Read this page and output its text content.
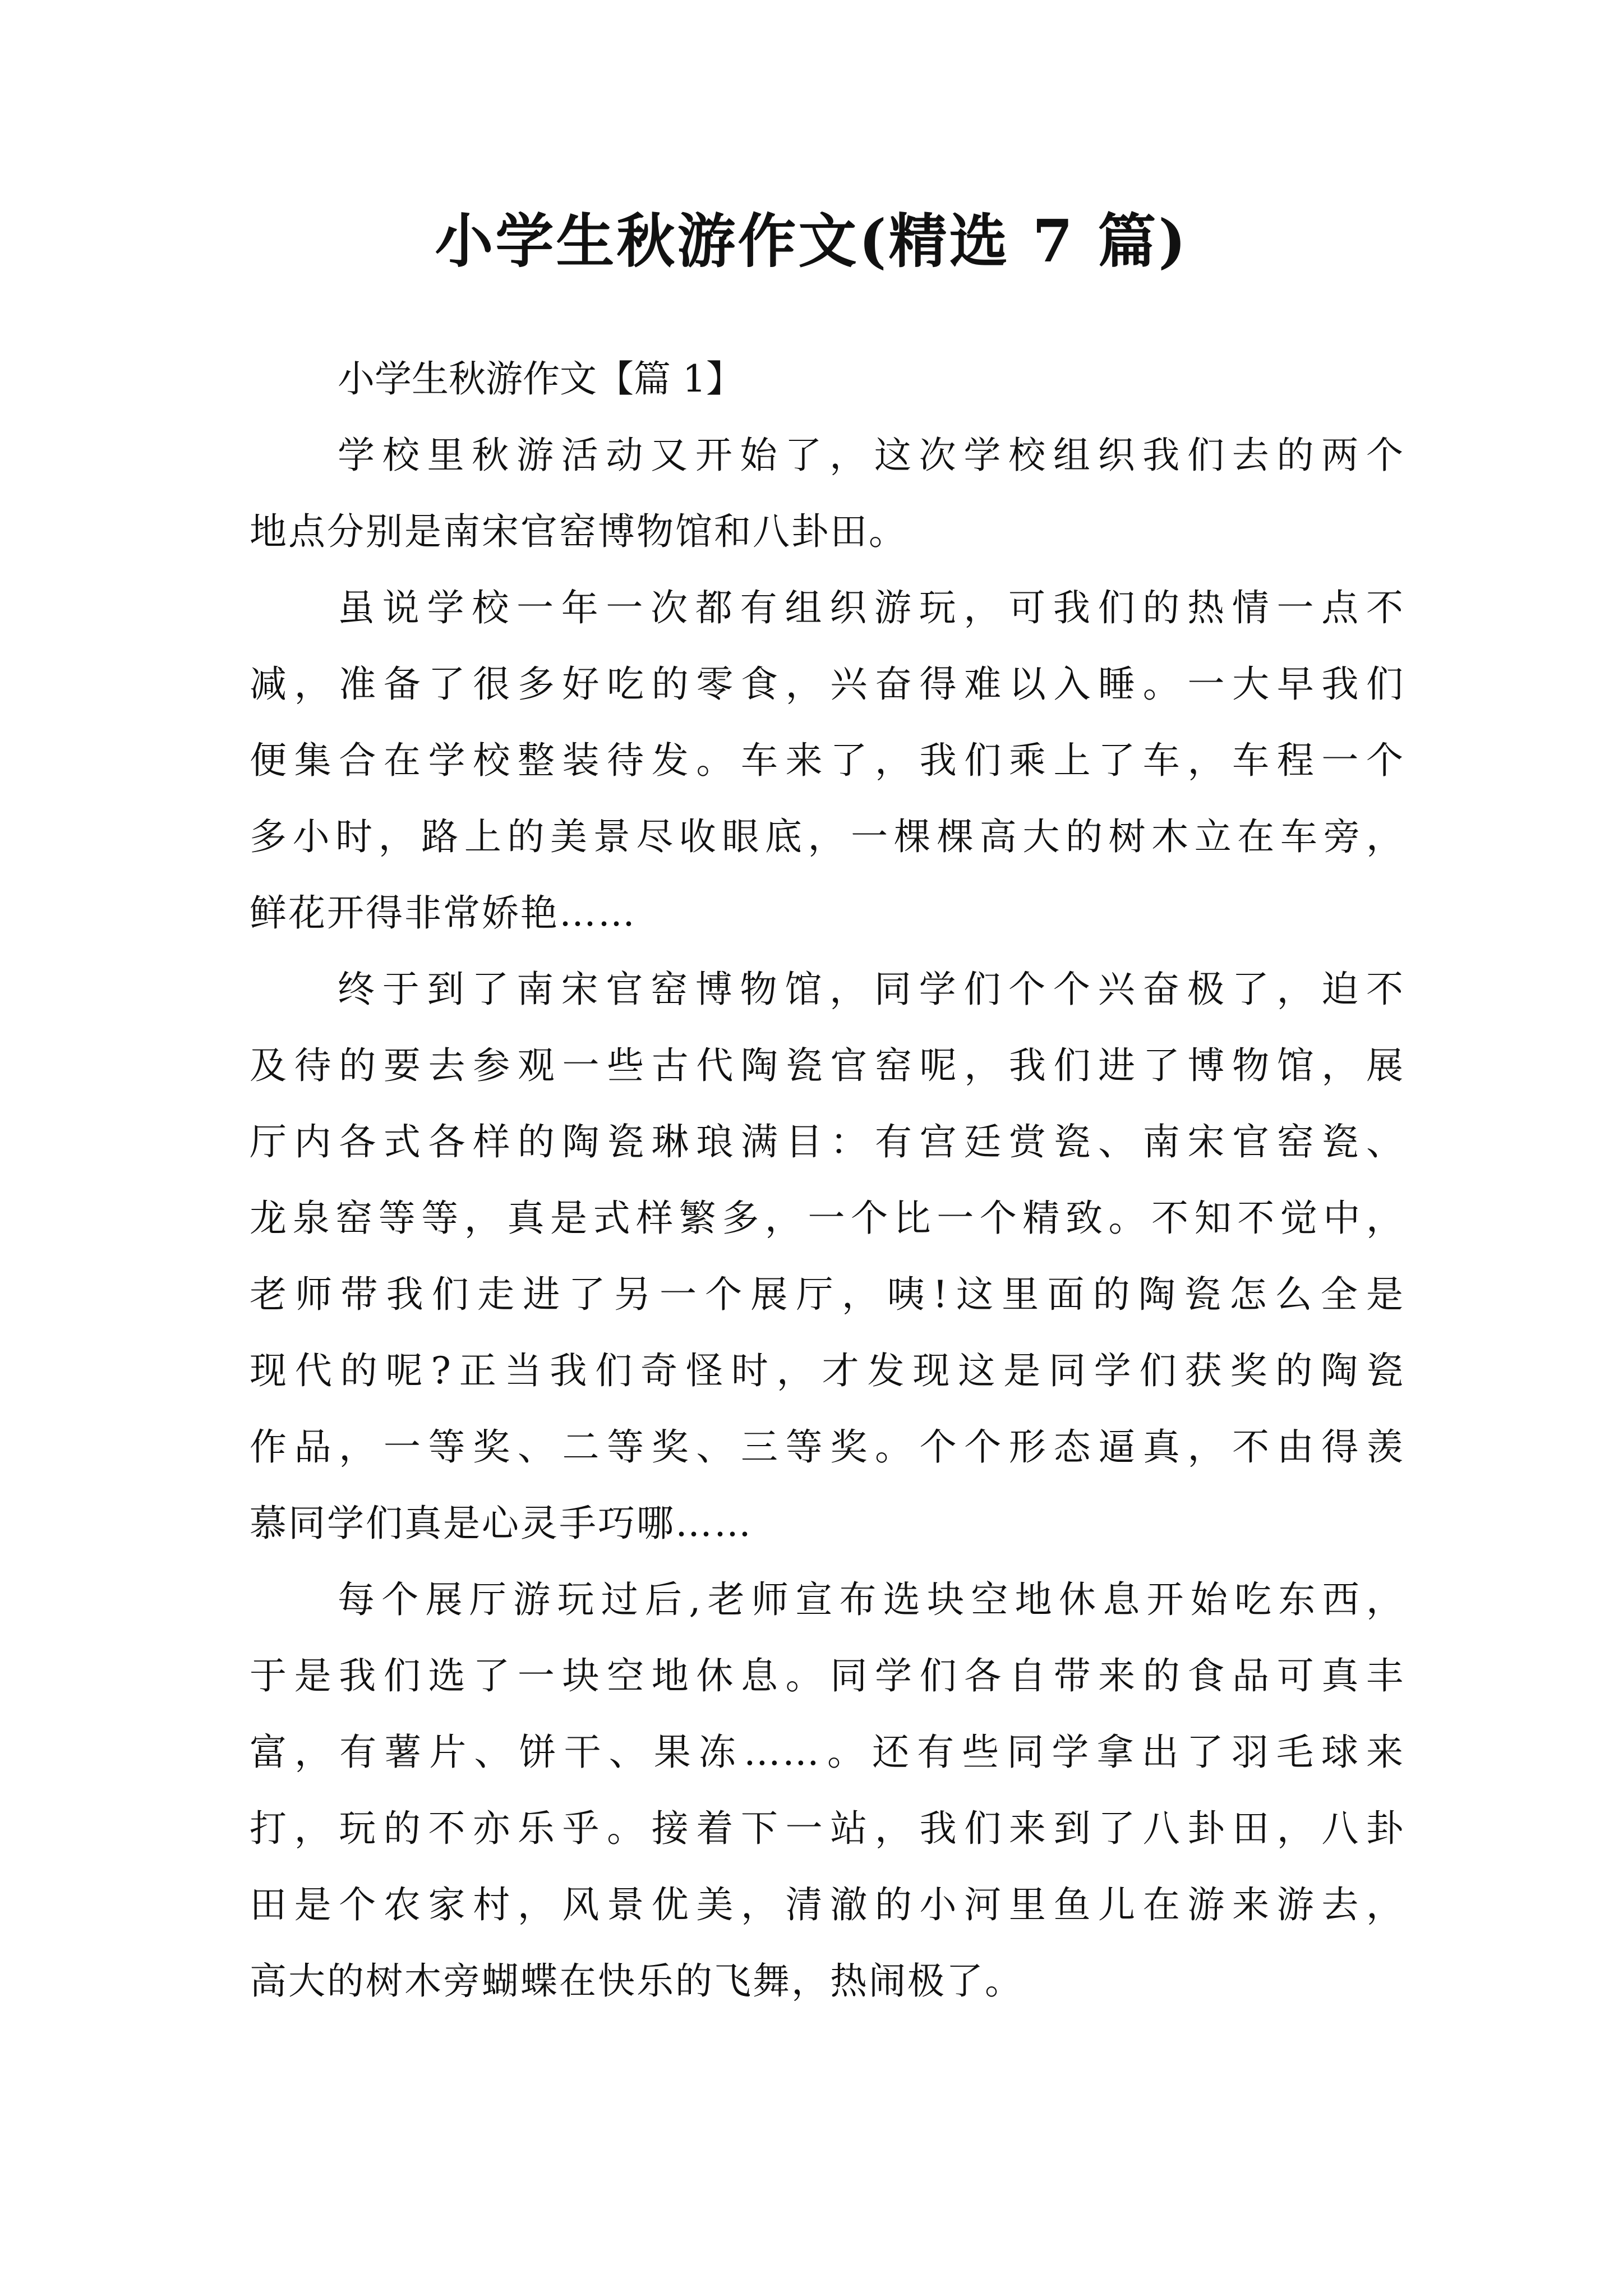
小学生秋游作文(精选 7 篇)

小学生秋游作文【篇 1】

学校里秋游活动又开始了，这次学校组织我们去的两个
地点分别是南宋官窑博物馆和八卦田。

虽说学校一年一次都有组织游玩，可我们的热情一点不
减，准备了很多好吃的零食，兴奋得难以入睡。一大早我们
便集合在学校整装待发。车来了，我们乘上了车，车程一个
多小时，路上的美景尽收眼底，一棵棵高大的树木立在车旁，
鲜花开得非常娇艳……

终于到了南宋官窑博物馆，同学们个个兴奋极了，迫不
及待的要去参观一些古代陶瓷官窑呢，我们进了博物馆，展
厅内各式各样的陶瓷琳琅满目：有宫廷赏瓷、南宋官窑瓷、
龙泉窑等等，真是式样繁多，一个比一个精致。不知不觉中，
老师带我们走进了另一个展厅，咦!这里面的陶瓷怎么全是
现代的呢?正当我们奇怪时，才发现这是同学们获奖的陶瓷
作品，一等奖、二等奖、三等奖。个个形态逼真，不由得羡
慕同学们真是心灵手巧哪……

每个展厅游玩过后,老师宣布选块空地休息开始吃东西，
于是我们选了一块空地休息。同学们各自带来的食品可真丰
富，有薯片、饼干、果冻……。还有些同学拿出了羽毛球来
打，玩的不亦乐乎。接着下一站，我们来到了八卦田，八卦
田是个农家村，风景优美，清澈的小河里鱼儿在游来游去，
高大的树木旁蝴蝶在快乐的飞舞，热闹极了。
